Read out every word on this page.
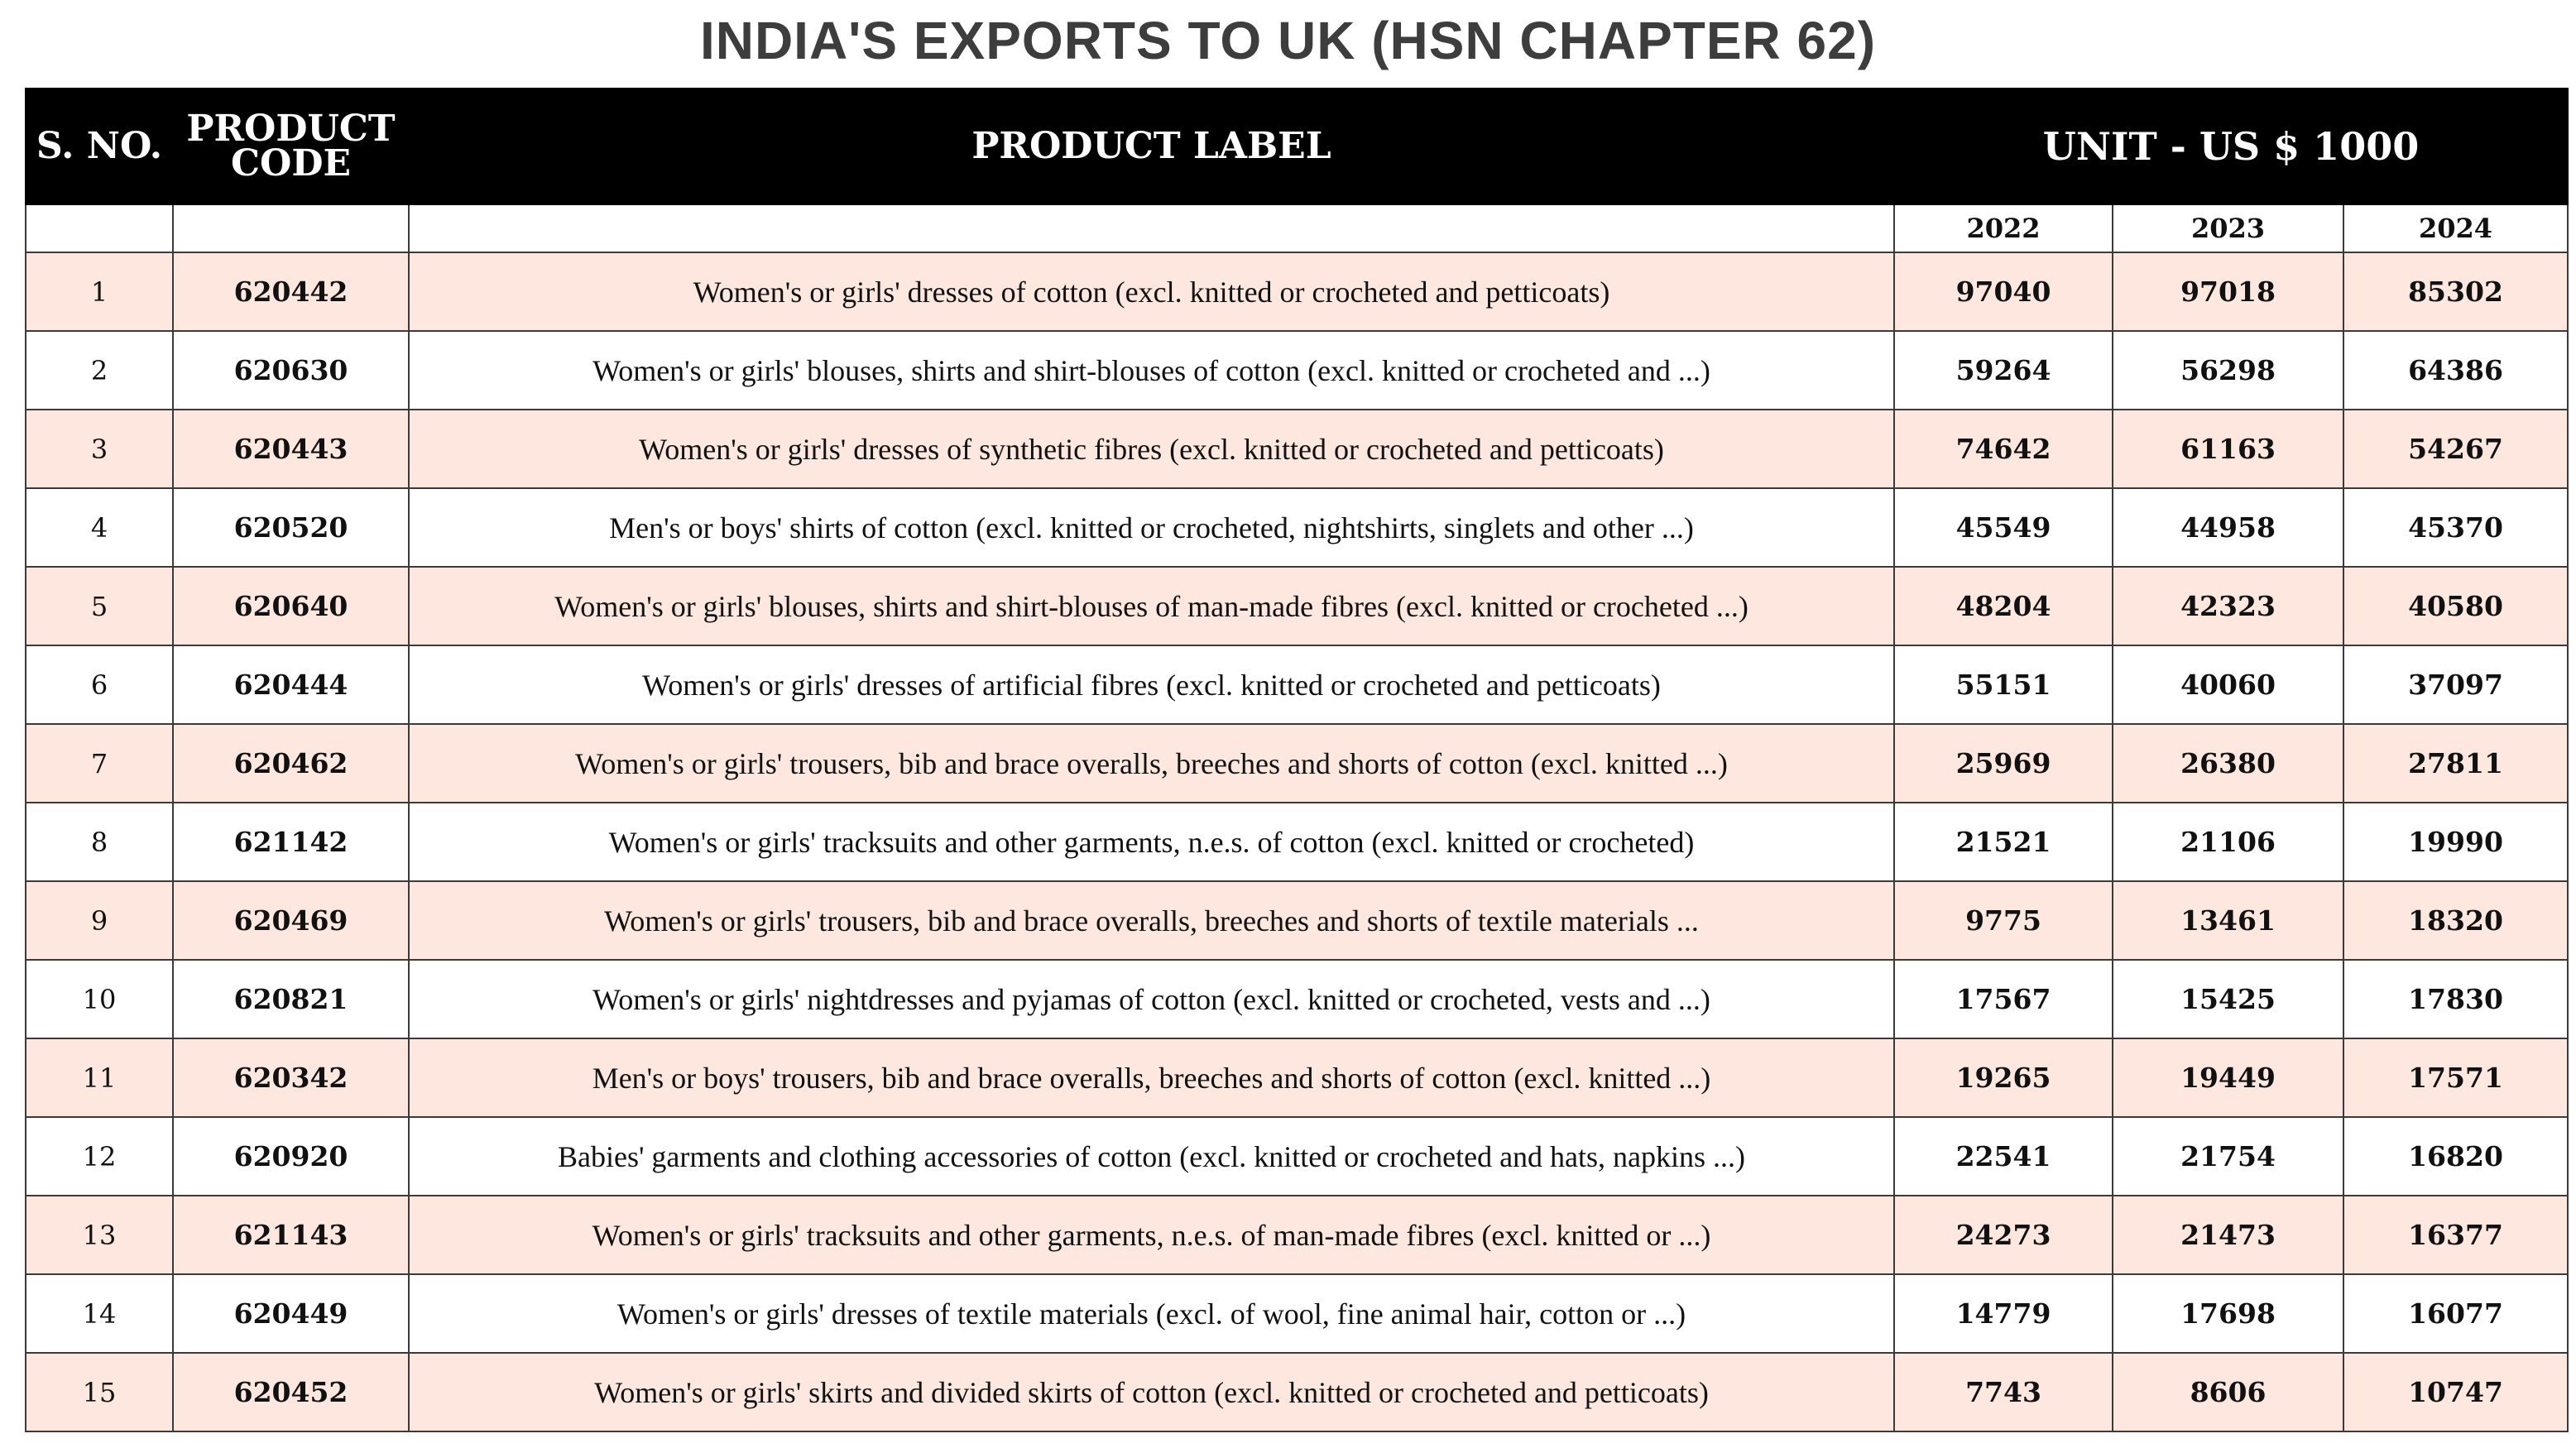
INDIA'S EXPORTS TO UK (HSN CHAPTER 62)
S. NO.	PRODUCT CODE	PRODUCT LABEL	UNIT - US $ 1000		
			2022	2023	2024
1	620442	Women's or girls' dresses of cotton (excl. knitted or crocheted and petticoats)	97040	97018	85302
2	620630	Women's or girls' blouses, shirts and shirt-blouses of cotton (excl. knitted or crocheted and ...)	59264	56298	64386
3	620443	Women's or girls' dresses of synthetic fibres (excl. knitted or crocheted and petticoats)	74642	61163	54267
4	620520	Men's or boys' shirts of cotton (excl. knitted or crocheted, nightshirts, singlets and other ...)	45549	44958	45370
5	620640	Women's or girls' blouses, shirts and shirt-blouses of man-made fibres (excl. knitted or crocheted ...)	48204	42323	40580
6	620444	Women's or girls' dresses of artificial fibres (excl. knitted or crocheted and petticoats)	55151	40060	37097
7	620462	Women's or girls' trousers, bib and brace overalls, breeches and shorts of cotton (excl. knitted ...)	25969	26380	27811
8	621142	Women's or girls' tracksuits and other garments, n.e.s. of cotton (excl. knitted or crocheted)	21521	21106	19990
9	620469	Women's or girls' trousers, bib and brace overalls, breeches and shorts of textile materials ...	9775	13461	18320
10	620821	Women's or girls' nightdresses and pyjamas of cotton (excl. knitted or crocheted, vests and ...)	17567	15425	17830
11	620342	Men's or boys' trousers, bib and brace overalls, breeches and shorts of cotton (excl. knitted ...)	19265	19449	17571
12	620920	Babies' garments and clothing accessories of cotton (excl. knitted or crocheted and hats, napkins ...)	22541	21754	16820
13	621143	Women's or girls' tracksuits and other garments, n.e.s. of man-made fibres (excl. knitted or ...)	24273	21473	16377
14	620449	Women's or girls' dresses of textile materials (excl. of wool, fine animal hair, cotton or ...)	14779	17698	16077
15	620452	Women's or girls' skirts and divided skirts of cotton (excl. knitted or crocheted and petticoats)	7743	8606	10747
